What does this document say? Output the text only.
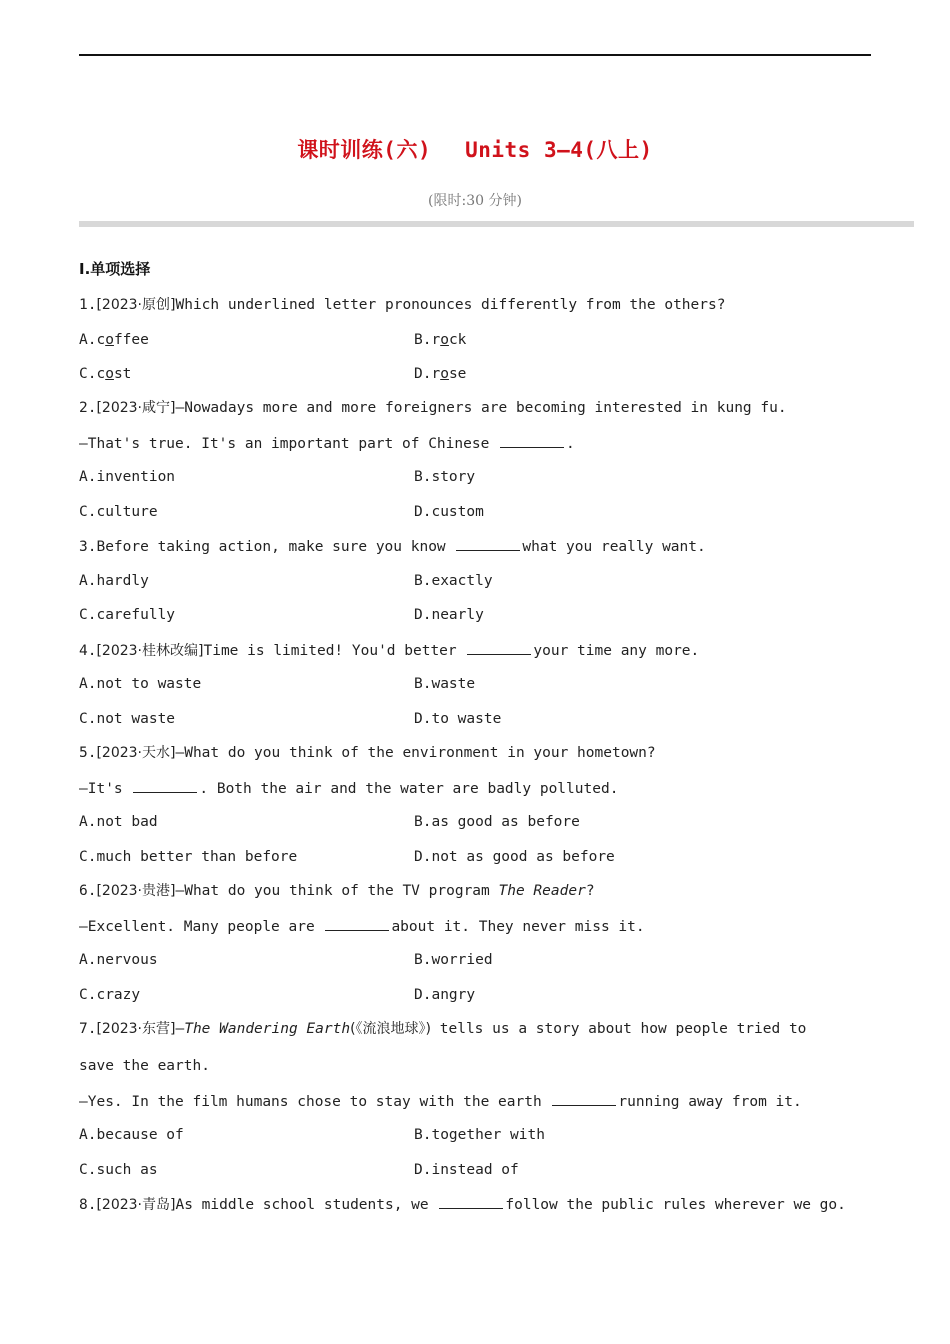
课时训练(六) Units 3—4(八上)
(限时:30 分钟)
Ⅰ.单项选择
1.[2023·原创]Which underlined letter pronounces differently from the others?
A.coffee	B.rock
C.cost	D.rose
2.[2023·咸宁]—Nowadays more and more foreigners are becoming interested in kung fu.
—That's true. It's an important part of Chinese	.
A.invention	B.story
C.culture	D.custom
3.Before taking action, make sure you know	what you really want.
A.hardly	B.exactly
C.carefully	D.nearly
4.[2023·桂林改编]Time is limited! You'd better	your time any more.
A.not to waste	B.waste
C.not waste	D.to waste
5.[2023·天水]—What do you think of the environment in your hometown?
—It's	. Both the air and the water are badly polluted.
A.not bad	B.as good as before
C.much better than before	D.not as good as before
6.[2023·贵港]—What do you think of the TV program The Reader?
—Excellent. Many people are	about it. They never miss it.
A.nervous	B.worried
C.crazy	D.angry
7.[2023·东营]—The Wandering Earth(《流浪地球》) tells us a story about how people tried to
save the earth.
—Yes. In the film humans chose to stay with the earth	running away from it.
A.because of	B.together with
C.such as	D.instead of
8.[2023·青岛]As middle school students, we	follow the public rules wherever we go.
